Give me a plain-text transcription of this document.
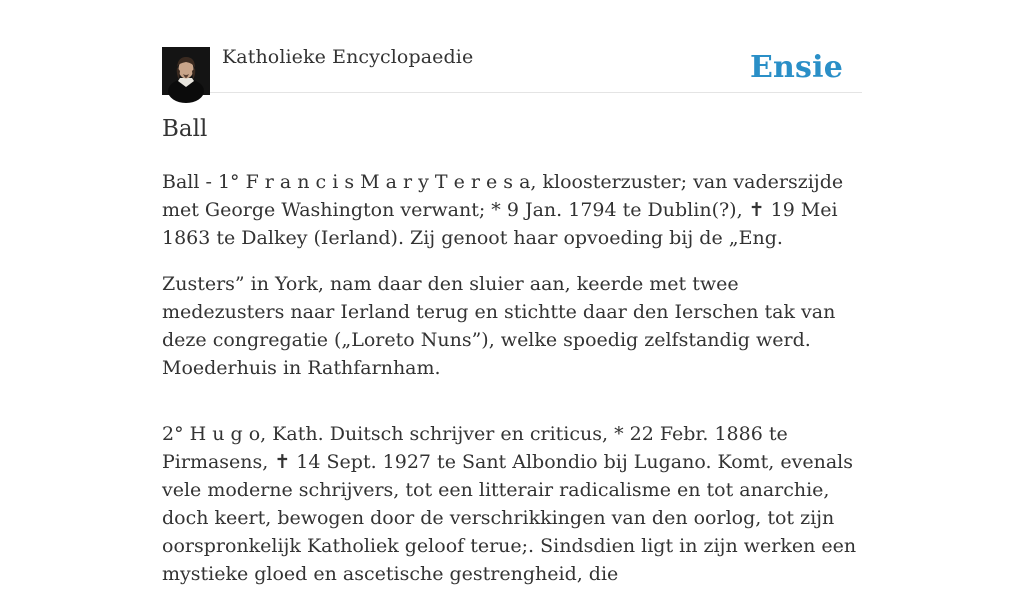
Katholieke Encyclopaedie	Ensie
Ball

Ball - 1° F r a n c i s M a r y T e r e s a, kloosterzuster; van vaderszijde met George Washington verwant; * 9 Jan. 1794 te Dublin(?), ✝ 19 Mei 1863 te Dalkey (Ierland). Zij genoot haar opvoeding bij de „Eng.

Zusters” in York, nam daar den sluier aan, keerde met twee medezusters naar Ierland terug en stichtte daar den Ierschen tak van deze congregatie („Loreto Nuns”), welke spoedig zelfstandig werd. Moederhuis in Rathfarnham.

2° H u g o, Kath. Duitsch schrijver en criticus, * 22 Febr. 1886 te Pirmasens, ✝ 14 Sept. 1927 te Sant Albondio bij Lugano. Komt, evenals vele moderne schrijvers, tot een litterair radicalisme en tot anarchie, doch keert, bewogen door de verschrikkingen van den oorlog, tot zijn oorspronkelijk Katholiek geloof terue;. Sindsdien ligt in zijn werken een mystieke gloed en ascetische gestrengheid, die
